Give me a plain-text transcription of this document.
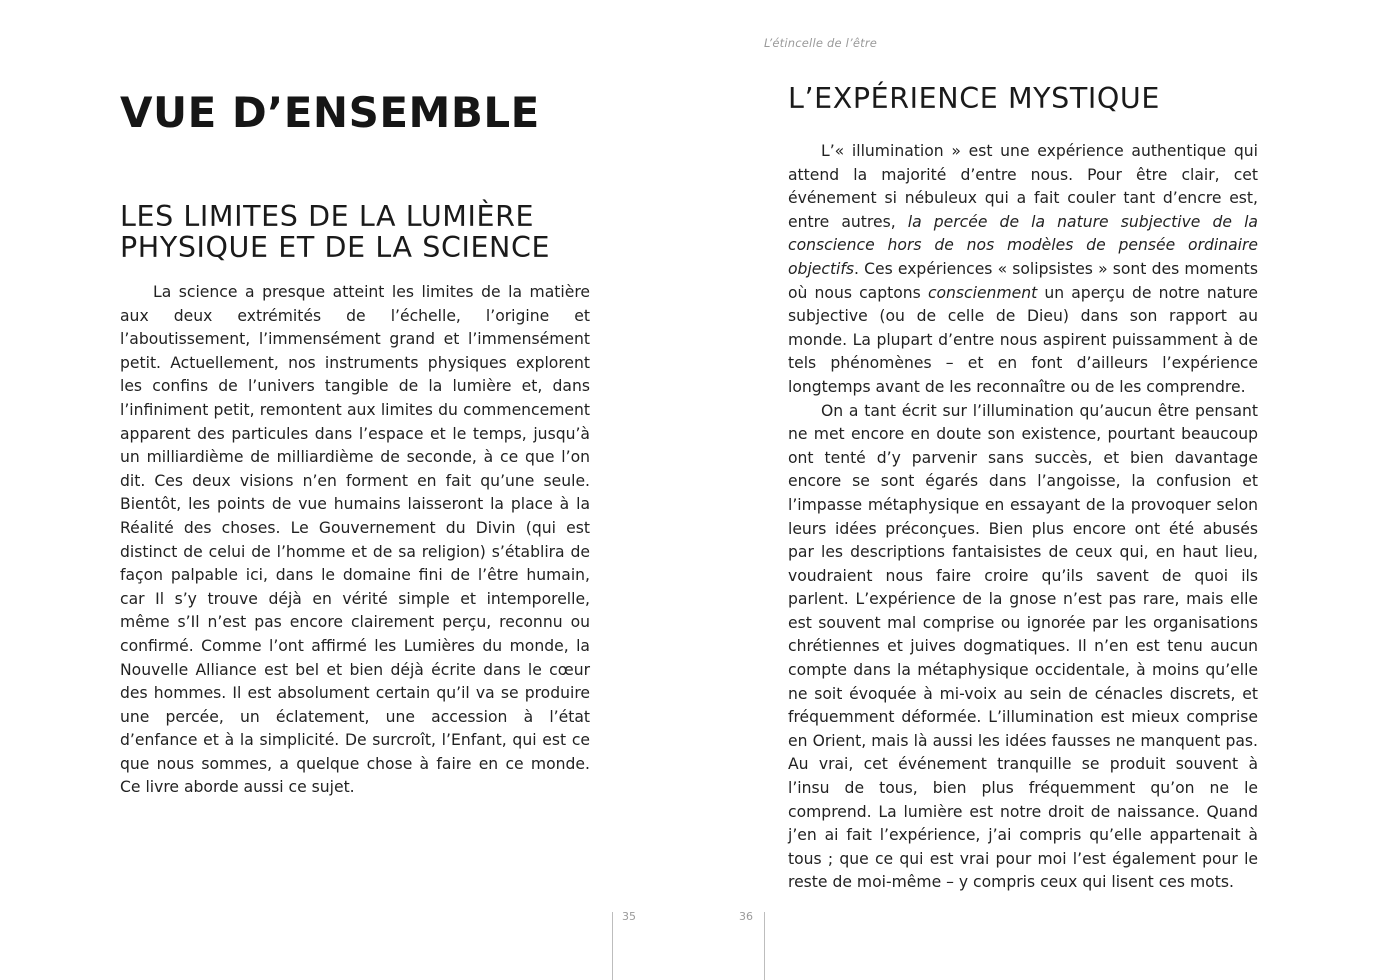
VUE D’ENSEMBLE
LES LIMITES DE LA LUMIÈRE
PHYSIQUE ET DE LA SCIENCE

La science a presque atteint les limites de la matière aux deux extrémités de l’échelle, l’origine et l’aboutissement, l’immensément grand et l’immensément petit. Actuellement, nos instruments physiques explorent les confins de l’univers tangible de la lumière et, dans l’infiniment petit, remontent aux limites du commencement apparent des particules dans l’espace et le temps, jusqu’à un milliardième de milliardième de seconde, à ce que l’on dit. Ces deux visions n’en forment en fait qu’une seule. Bientôt, les points de vue humains laisseront la place à la Réalité des choses. Le Gouvernement du Divin (qui est distinct de celui de l’homme et de sa religion) s’établira de façon palpable ici, dans le domaine fini de l’être humain, car Il s’y trouve déjà en vérité simple et intemporelle, même s’Il n’est pas encore clairement perçu, reconnu ou confirmé. Comme l’ont affirmé les Lumières du monde, la Nouvelle Alliance est bel et bien déjà écrite dans le cœur des hommes. Il est absolument certain qu’il va se produire une percée, un éclatement, une accession à l’état d’enfance et à la simplicité. De surcroît, l’Enfant, qui est ce que nous sommes, a quelque chose à faire en ce monde. Ce livre aborde aussi ce sujet.

35
L’étincelle de l’être
L’EXPÉRIENCE MYSTIQUE

L’« illumination » est une expérience authentique qui attend la majorité d’entre nous. Pour être clair, cet événement si nébuleux qui a fait couler tant d’encre est, entre autres, la percée de la nature subjective de la conscience hors de nos modèles de pensée ordinaire objectifs. Ces expériences « solipsistes » sont des moments où nous captons conscienment un aperçu de notre nature subjective (ou de celle de Dieu) dans son rapport au monde. La plupart d’entre nous aspirent puissamment à de tels phénomènes – et en font d’ailleurs l’expérience longtemps avant de les reconnaître ou de les comprendre.

On a tant écrit sur l’illumination qu’aucun être pensant ne met encore en doute son existence, pourtant beaucoup ont tenté d’y parvenir sans succès, et bien davantage encore se sont égarés dans l’angoisse, la confusion et l’impasse métaphysique en essayant de la provoquer selon leurs idées préconçues. Bien plus encore ont été abusés par les descriptions fantaisistes de ceux qui, en haut lieu, voudraient nous faire croire qu’ils savent de quoi ils parlent. L’expérience de la gnose n’est pas rare, mais elle est souvent mal comprise ou ignorée par les organisations chrétiennes et juives dogmatiques. Il n’en est tenu aucun compte dans la métaphysique occidentale, à moins qu’elle ne soit évoquée à mi-voix au sein de cénacles discrets, et fréquemment déformée. L’illumination est mieux comprise en Orient, mais là aussi les idées fausses ne manquent pas. Au vrai, cet événement tranquille se produit souvent à l’insu de tous, bien plus fréquemment qu’on ne le comprend. La lumière est notre droit de naissance. Quand j’en ai fait l’expérience, j’ai compris qu’elle appartenait à tous ; que ce qui est vrai pour moi l’est également pour le reste de moi-même – y compris ceux qui lisent ces mots.

36
